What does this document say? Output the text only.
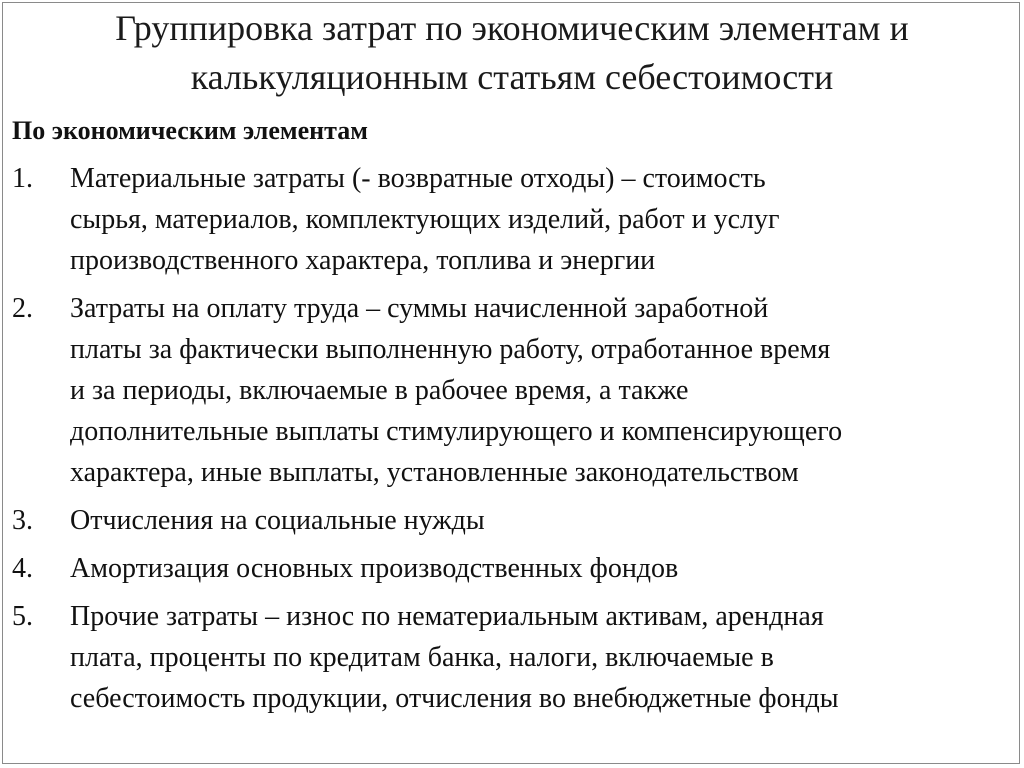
Группировка затрат по экономическим элементам и
калькуляционным статьям себестоимости
По экономическим элементам
1.	Материальные затраты (- возвратные отходы) – стоимость
сырья, материалов, комплектующих изделий, работ и услуг
производственного характера, топлива и энергии
2.	Затраты на оплату труда – суммы начисленной заработной
платы за фактически выполненную работу, отработанное время
и за периоды, включаемые в рабочее время, а также
дополнительные выплаты стимулирующего и компенсирующего
характера, иные выплаты, установленные законодательством
3.	Отчисления на социальные нужды
4.	Амортизация основных производственных фондов
5.	Прочие затраты – износ по нематериальным активам, арендная
плата, проценты по кредитам банка, налоги, включаемые в
себестоимость продукции, отчисления во внебюджетные фонды
